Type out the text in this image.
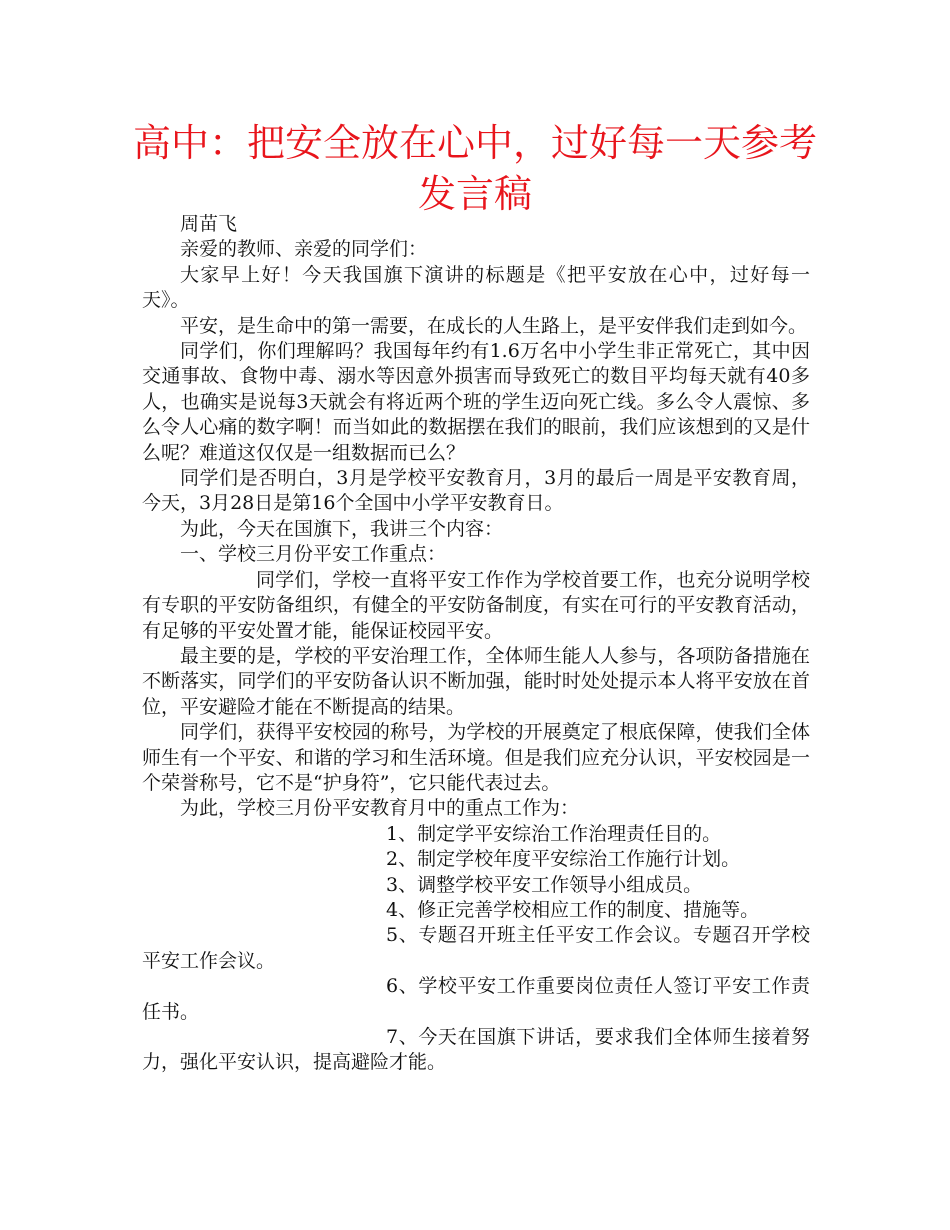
高中：把安全放在心中，过好每一天参考发言稿

周苗飞

亲爱的教师、亲爱的同学们：

大家早上好！今天我国旗下演讲的标题是《把平安放在心中，过好每一天》。

平安，是生命中的第一需要，在成长的人生路上，是平安伴我们走到如今。

同学们，你们理解吗？我国每年约有1.6万名中小学生非正常死亡，其中因交通事故、食物中毒、溺水等因意外损害而导致死亡的数目平均每天就有40多人，也确实是说每3天就会有将近两个班的学生迈向死亡线。多么令人震惊、多么令人心痛的数字啊！而当如此的数据摆在我们的眼前，我们应该想到的又是什么呢？难道这仅仅是一组数据而已么？

同学们是否明白，3月是学校平安教育月，3月的最后一周是平安教育周，今天，3月28日是第16个全国中小学平安教育日。

为此，今天在国旗下，我讲三个内容：

一、学校三月份平安工作重点：

同学们，学校一直将平安工作作为学校首要工作，也充分说明学校有专职的平安防备组织，有健全的平安防备制度，有实在可行的平安教育活动，有足够的平安处置才能，能保证校园平安。

最主要的是，学校的平安治理工作，全体师生能人人参与，各项防备措施在不断落实，同学们的平安防备认识不断加强，能时时处处提示本人将平安放在首位，平安避险才能在不断提高的结果。

同学们，获得平安校园的称号，为学校的开展奠定了根底保障，使我们全体师生有一个平安、和谐的学习和生活环境。但是我们应充分认识，平安校园是一个荣誉称号，它不是“护身符”，它只能代表过去。

为此，学校三月份平安教育月中的重点工作为：

1、制定学平安综治工作治理责任目的。

2、制定学校年度平安综治工作施行计划。

3、调整学校平安工作领导小组成员。

4、修正完善学校相应工作的制度、措施等。

5、专题召开班主任平安工作会议。专题召开学校平安工作会议。

6、学校平安工作重要岗位责任人签订平安工作责任书。

7、今天在国旗下讲话，要求我们全体师生接着努力，强化平安认识，提高避险才能。
